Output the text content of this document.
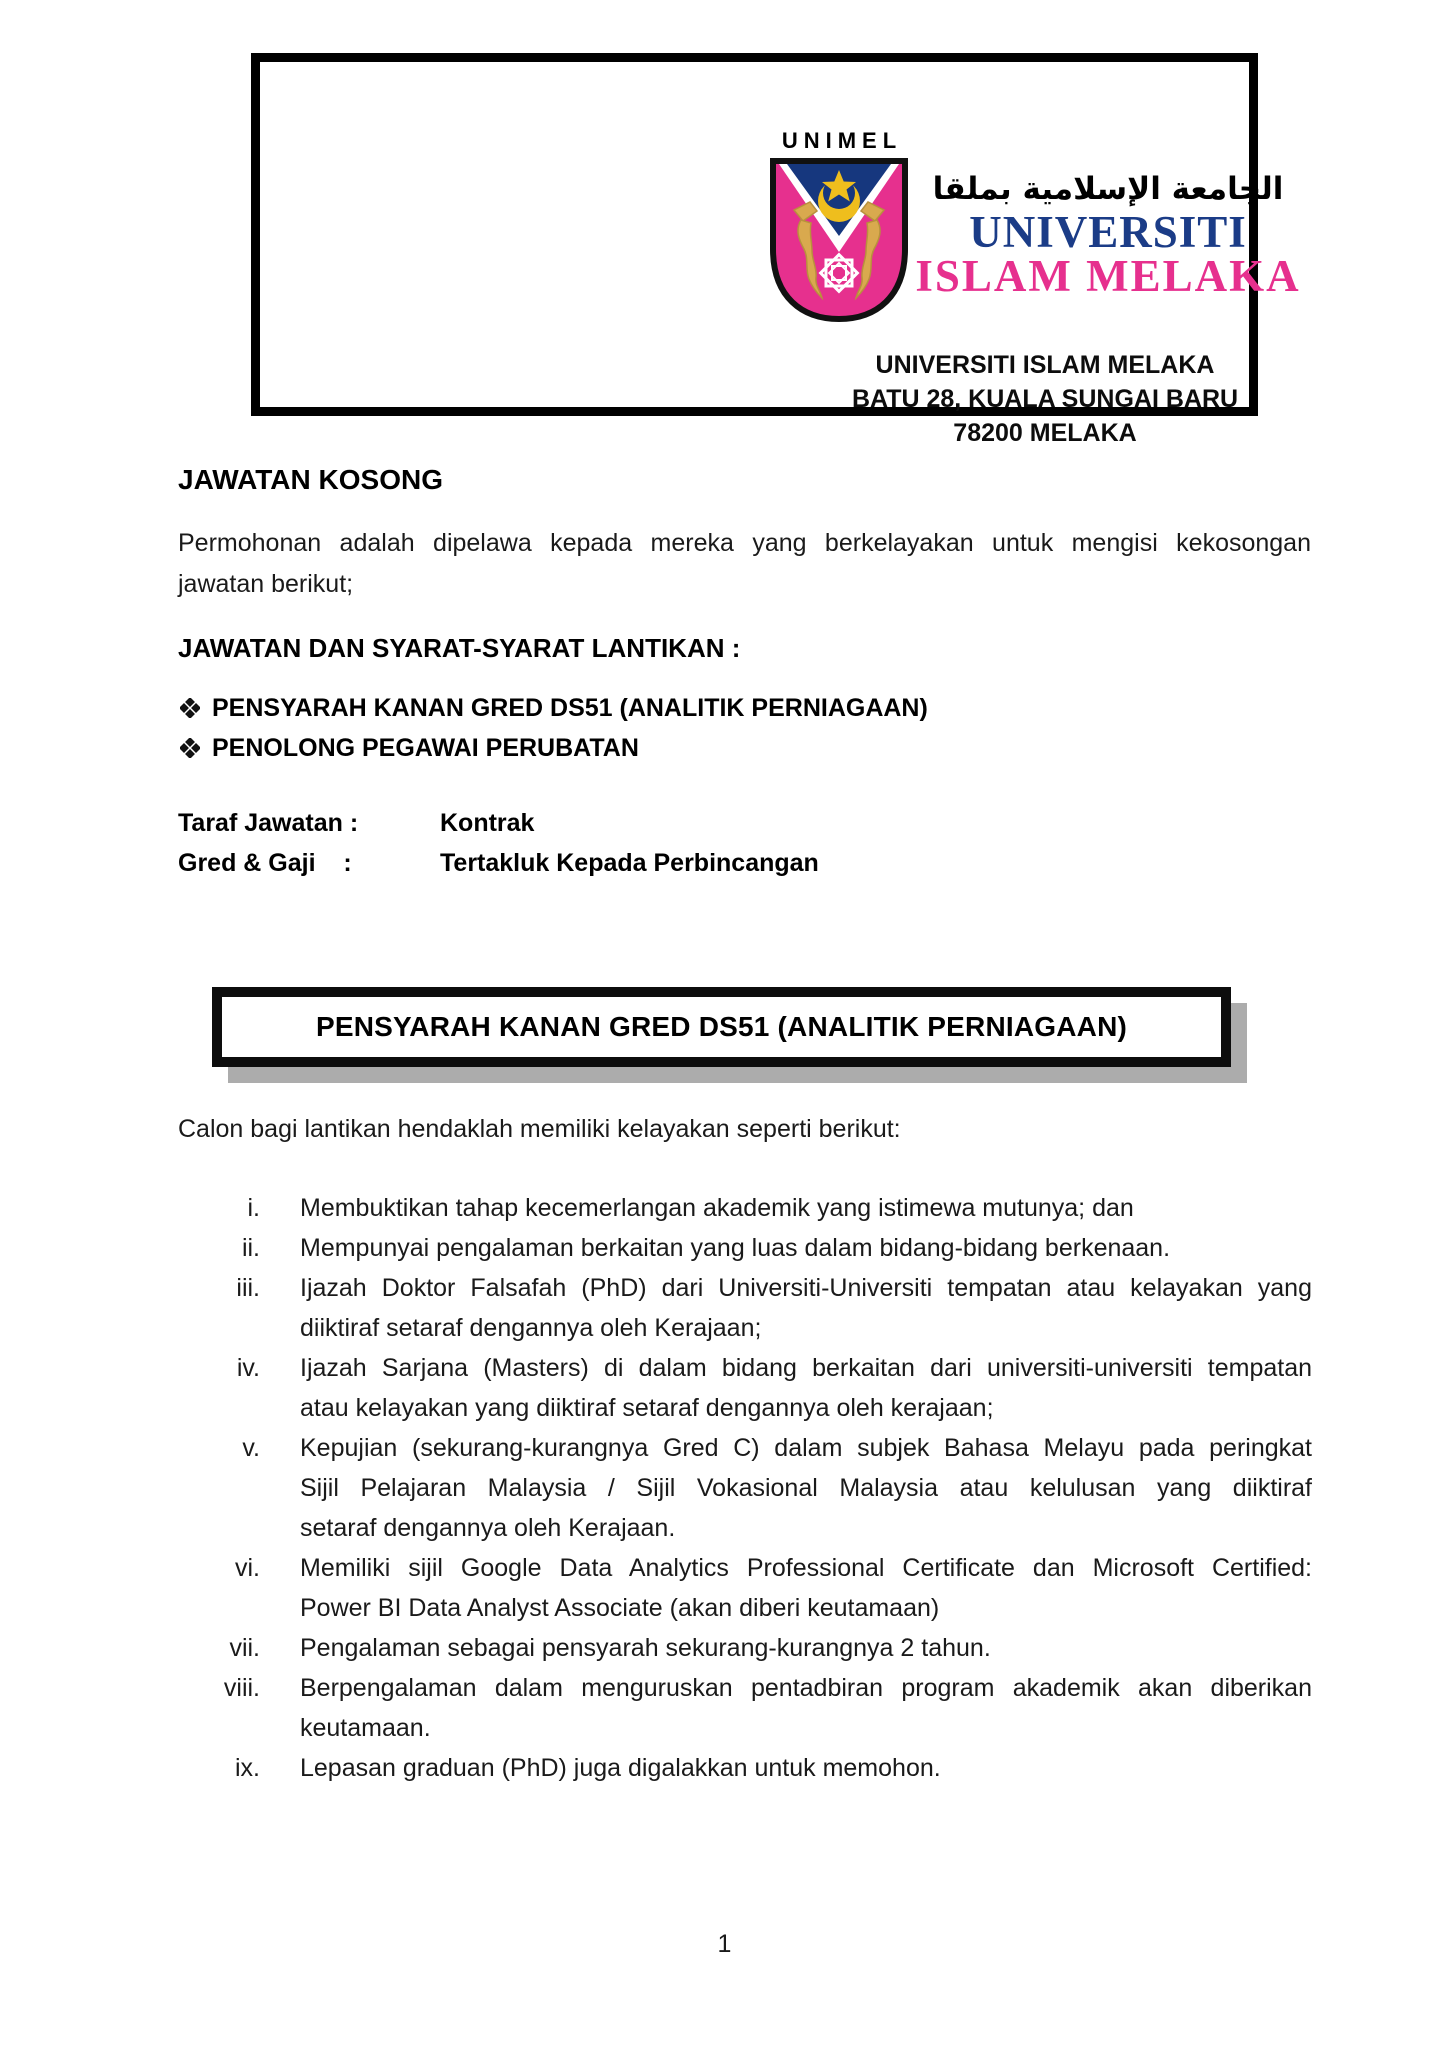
UNIMEL
الجامعة الإسلامية بملقا
UNIVERSITI
ISLAM MELAKA
UNIVERSITI ISLAM MELAKA
BATU 28, KUALA SUNGAI BARU
78200 MELAKA
JAWATAN KOSONG
Permohonan adalah dipelawa kepada mereka yang berkelayakan untuk mengisi kekosongan
jawatan berikut;
JAWATAN DAN SYARAT-SYARAT LANTIKAN :
PENSYARAH KANAN GRED DS51 (ANALITIK PERNIAGAAN)
PENOLONG PEGAWAI PERUBATAN
Taraf Jawatan :	Kontrak
Gred & Gaji    :	Tertakluk Kepada Perbincangan
PENSYARAH KANAN GRED DS51 (ANALITIK PERNIAGAAN)
Calon bagi lantikan hendaklah memiliki kelayakan seperti berikut:
i. Membuktikan tahap kecemerlangan akademik yang istimewa mutunya; dan
ii. Mempunyai pengalaman berkaitan yang luas dalam bidang-bidang berkenaan.
iii. Ijazah Doktor Falsafah (PhD) dari Universiti-Universiti tempatan atau kelayakan yang
diiktiraf setaraf dengannya oleh Kerajaan;
iv. Ijazah Sarjana (Masters) di dalam bidang berkaitan dari universiti-universiti tempatan
atau kelayakan yang diiktiraf setaraf dengannya oleh kerajaan;
v. Kepujian (sekurang-kurangnya Gred C) dalam subjek Bahasa Melayu pada peringkat
Sijil Pelajaran Malaysia / Sijil Vokasional Malaysia atau kelulusan yang diiktiraf
setaraf dengannya oleh Kerajaan.
vi. Memiliki sijil Google Data Analytics Professional Certificate dan Microsoft Certified:
Power BI Data Analyst Associate (akan diberi keutamaan)
vii. Pengalaman sebagai pensyarah sekurang-kurangnya 2 tahun.
viii. Berpengalaman dalam menguruskan pentadbiran program akademik akan diberikan
keutamaan.
ix. Lepasan graduan (PhD) juga digalakkan untuk memohon.
1
